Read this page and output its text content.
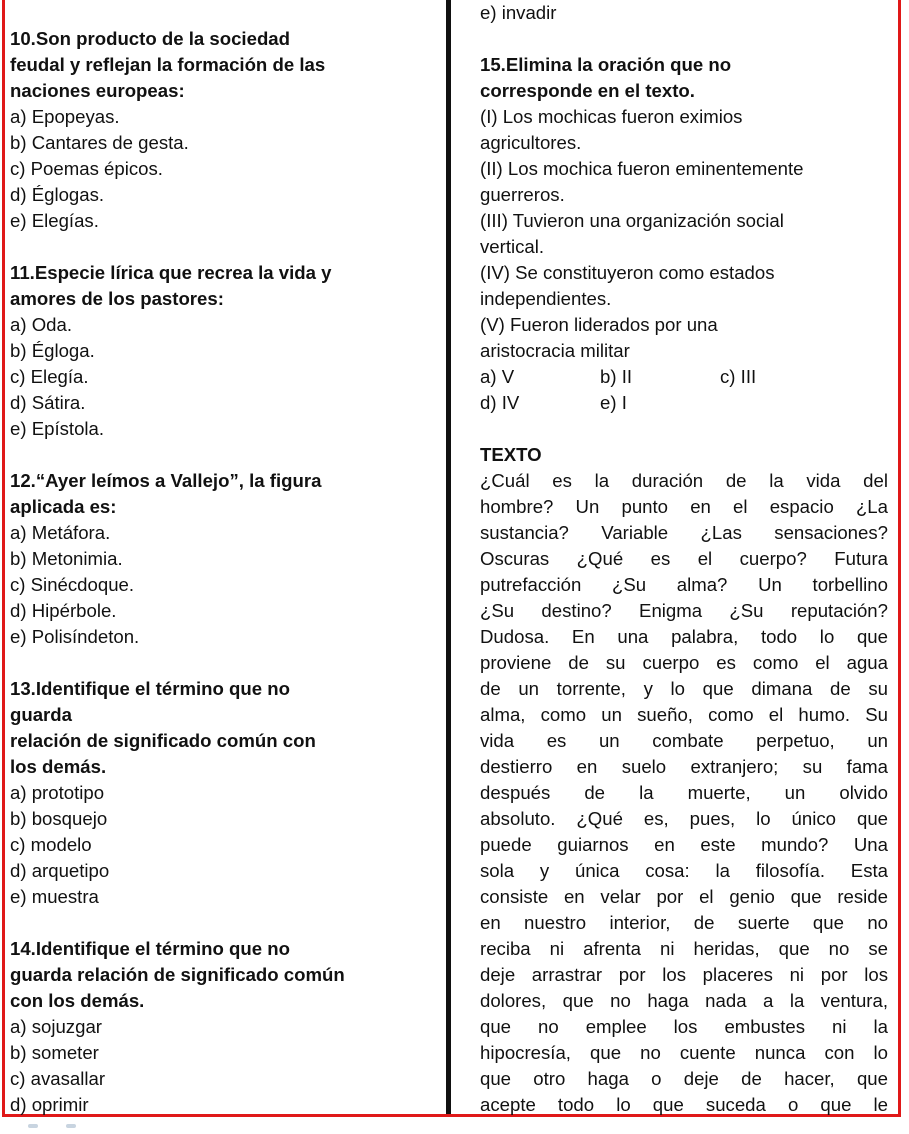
10.Son producto de la sociedad
feudal y reflejan la formación de las
naciones europeas:
a) Epopeyas.
b) Cantares de gesta.
c) Poemas épicos.
d) Églogas.
e) Elegías.
11.Especie lírica que recrea la vida y
amores de los pastores:
a) Oda.
b) Égloga.
c) Elegía.
d) Sátira.
e) Epístola.
12.“Ayer leímos a Vallejo”, la figura
aplicada es:
a) Metáfora.
b) Metonimia.
c) Sinécdoque.
d) Hipérbole.
e) Polisíndeton.
13.Identifique el término que no
guarda
relación de significado común con
los demás.
a) prototipo
b) bosquejo
c) modelo
d) arquetipo
e) muestra
14.Identifique el término que no
guarda relación de significado común
con los demás.
a) sojuzgar
b) someter
c) avasallar
d) oprimir
e) invadir
15.Elimina la oración que no
corresponde en el texto.
(I) Los mochicas fueron eximios
agricultores.
(II) Los mochica fueron eminentemente
guerreros.
(III) Tuvieron una organización social
vertical.
(IV) Se constituyeron como estados
independientes.
(V) Fueron liderados por una
aristocracia militar
a) V	b) II	c) III
d) IV	e) I
TEXTO
¿Cuál es la duración de la vida del
hombre? Un punto en el espacio ¿La
sustancia? Variable ¿Las sensaciones?
Oscuras ¿Qué es el cuerpo? Futura
putrefacción ¿Su alma? Un torbellino
¿Su destino? Enigma ¿Su reputación?
Dudosa. En una palabra, todo lo que
proviene de su cuerpo es como el agua
de un torrente, y lo que dimana de su
alma, como un sueño, como el humo. Su
vida es un combate perpetuo, un
destierro en suelo extranjero; su fama
después de la muerte, un olvido
absoluto. ¿Qué es, pues, lo único que
puede guiarnos en este mundo? Una
sola y única cosa: la filosofía. Esta
consiste en velar por el genio que reside
en nuestro interior, de suerte que no
reciba ni afrenta ni heridas, que no se
deje arrastrar por los placeres ni por los
dolores, que no haga nada a la ventura,
que no emplee los embustes ni la
hipocresía, que no cuente nunca con lo
que otro haga o deje de hacer, que
acepte todo lo que suceda o que le
